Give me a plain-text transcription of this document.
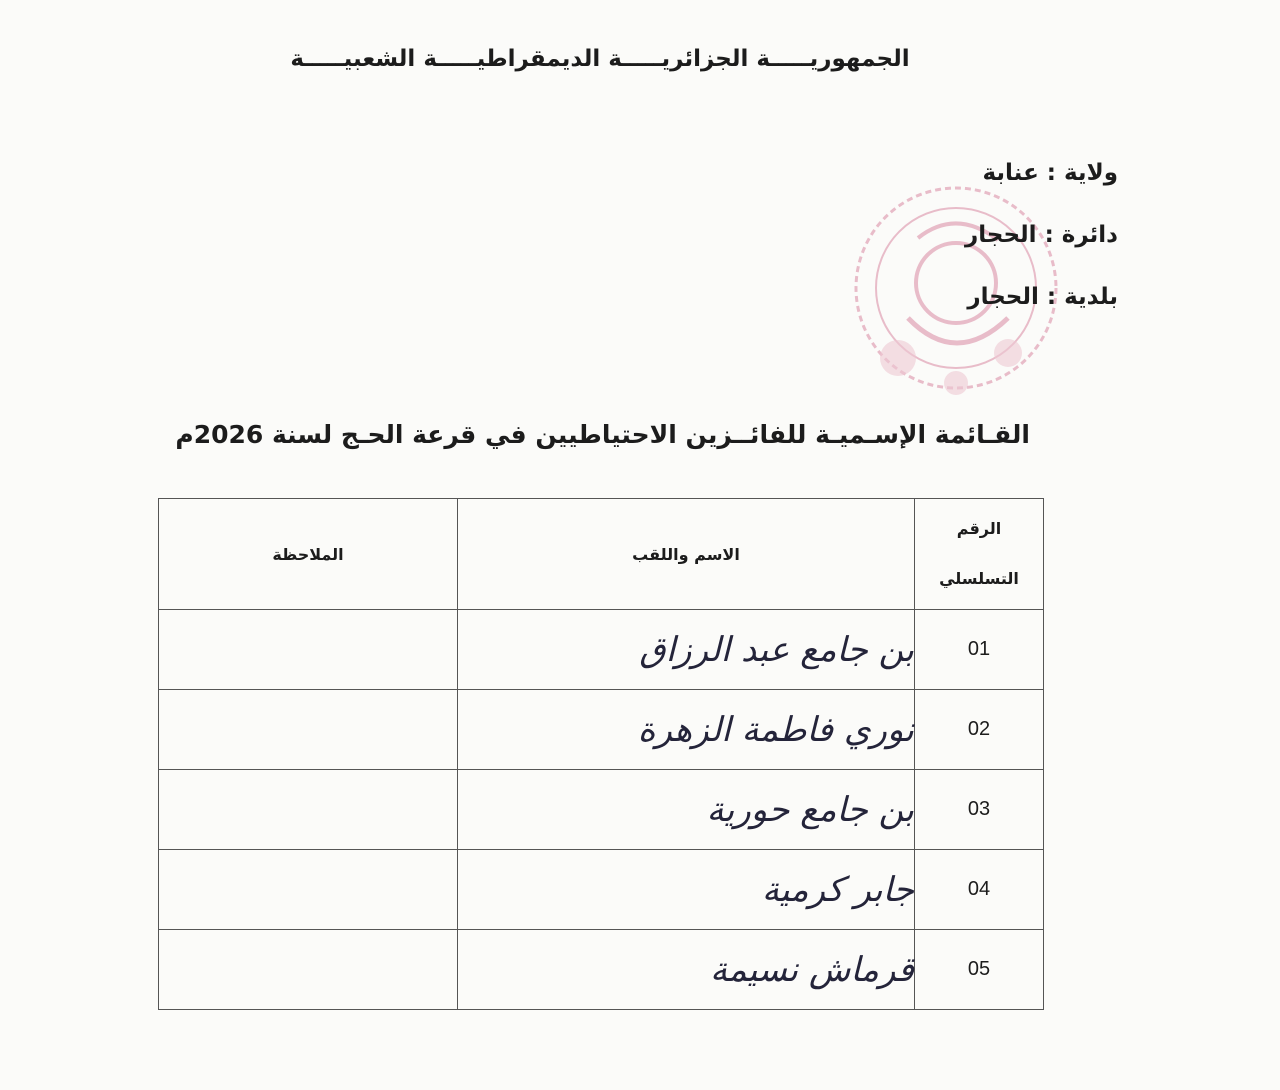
الجمهوريـــــة الجزائريـــــة الديمقراطيـــــة الشعبيـــــة
ولاية : عنابة
دائرة : الحجار
بلدية : الحجار
القـائمة الإسـميـة للفائــزين الاحتياطيين في قرعة الحـج لسنة 2026م
الرقم
التسلسلي	الاسم واللقب	الملاحظة
01	بن جامع عبد الرزاق	
02	نوري فاطمة الزهرة	
03	بن جامع حورية	
04	جابر كرمية	
05	قرماش نسيمة	
